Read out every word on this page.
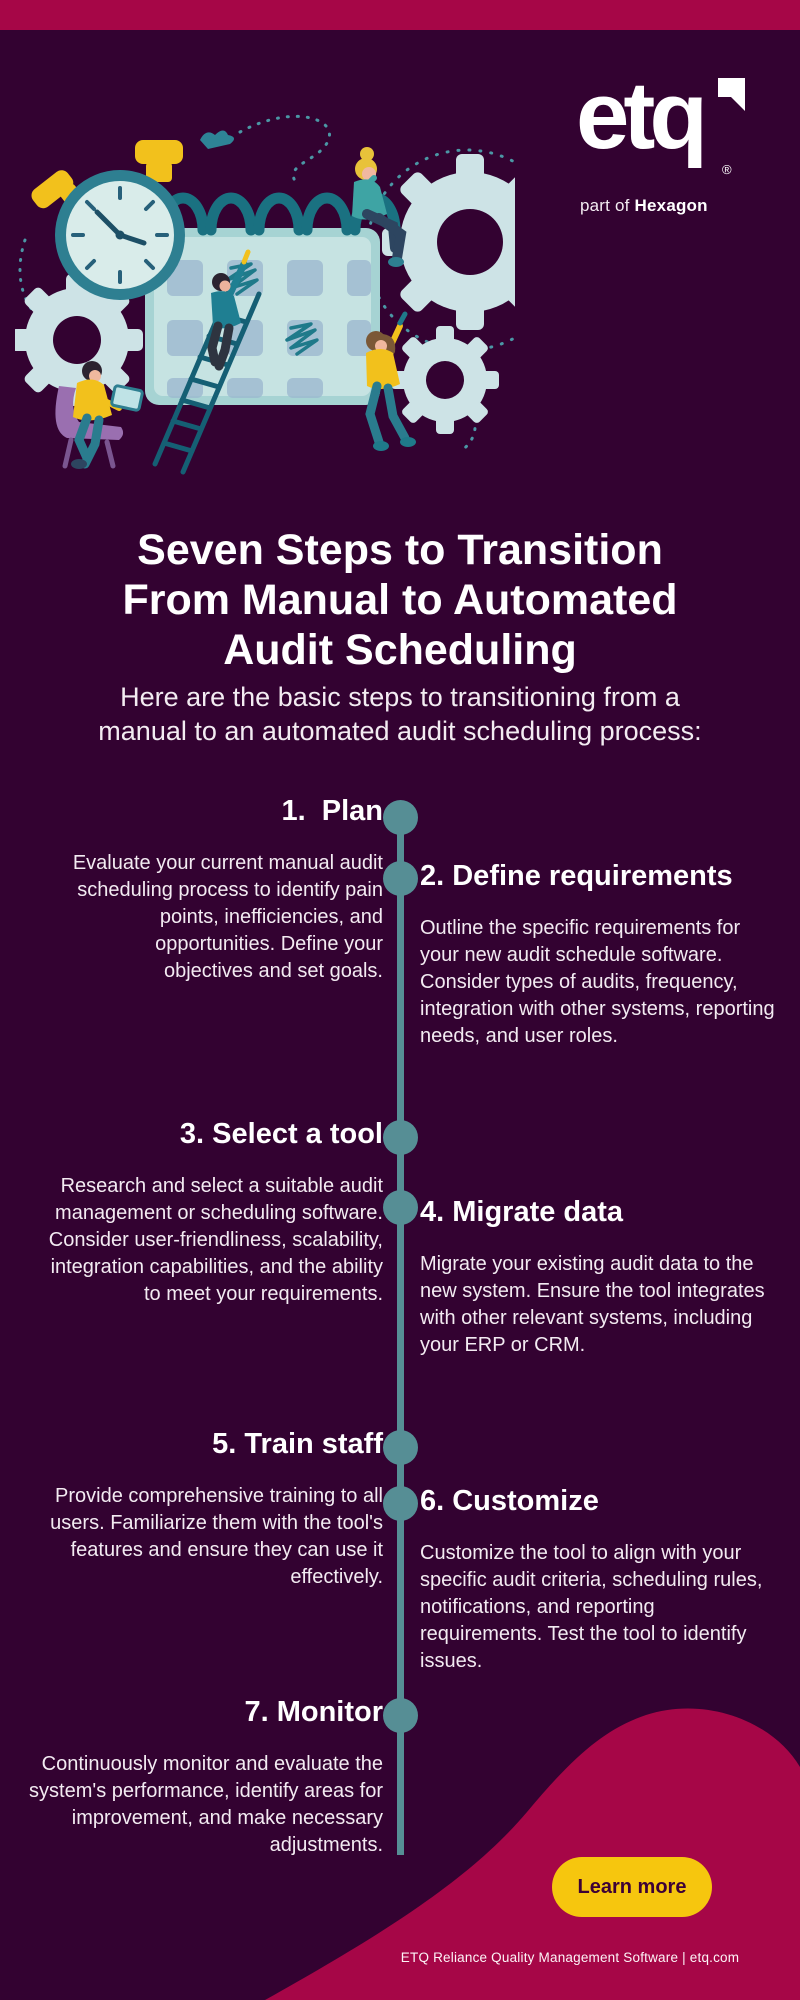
etq
®
part of Hexagon
Seven Steps to Transition
From Manual to Automated
Audit Scheduling
Here are the basic steps to transitioning from a
manual to an automated audit scheduling process:
1.  Plan

Evaluate your current manual audit scheduling process to identify pain points, inefficiencies, and opportunities. Define your objectives and set goals.

2. Define requirements

Outline the specific requirements for your new audit schedule software. Consider types of audits, frequency, integration with other systems, reporting needs, and user roles.

3. Select a tool

Research and select a suitable audit management or scheduling software. Consider user-friendliness, scalability, integration capabilities, and the ability to meet your requirements.

4. Migrate data

Migrate your existing audit data to the new system. Ensure the tool integrates with other relevant systems, including your ERP or CRM.

5. Train staff

Provide comprehensive training to all users. Familiarize them with the tool's features and ensure they can use it effectively.

6. Customize

Customize the tool to align with your specific audit criteria, scheduling rules, notifications, and reporting requirements. Test the tool to identify issues.

7. Monitor

Continuously monitor and evaluate the system's performance, identify areas for improvement, and make necessary adjustments.

Learn more
ETQ Reliance Quality Management Software | etq.com
